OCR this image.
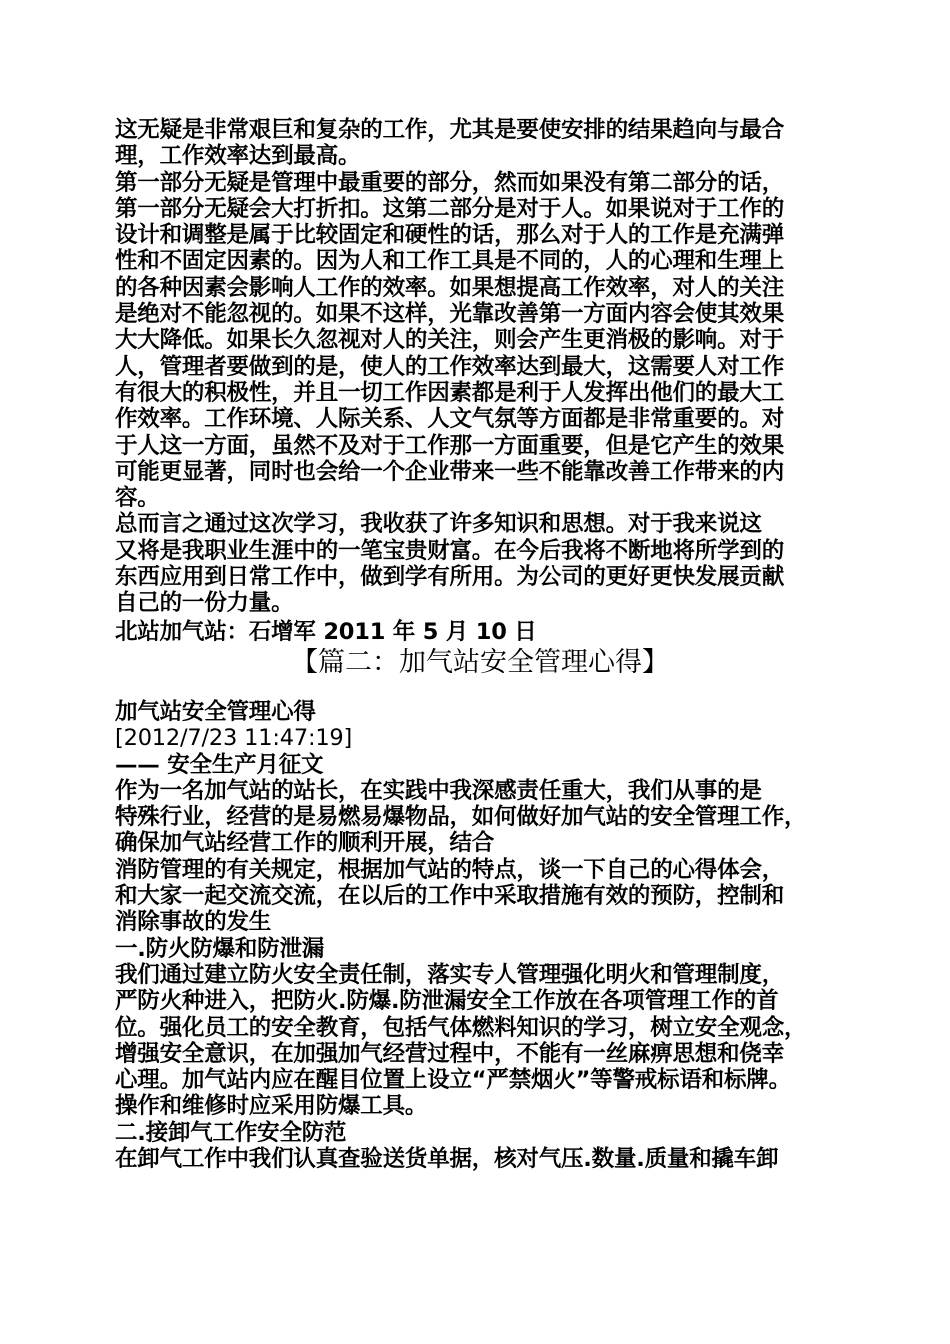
这无疑是非常艰巨和复杂的工作，尤其是要使安排的结果趋向与最合
理，工作效率达到最高。
第一部分无疑是管理中最重要的部分，然而如果没有第二部分的话，
第一部分无疑会大打折扣。这第二部分是对于人。如果说对于工作的
设计和调整是属于比较固定和硬性的话，那么对于人的工作是充满弹
性和不固定因素的。因为人和工作工具是不同的，人的心理和生理上
的各种因素会影响人工作的效率。如果想提高工作效率，对人的关注
是绝对不能忽视的。如果不这样，光靠改善第一方面内容会使其效果
大大降低。如果长久忽视对人的关注，则会产生更消极的影响。对于
人，管理者要做到的是，使人的工作效率达到最大，这需要人对工作
有很大的积极性，并且一切工作因素都是利于人发挥出他们的最大工
作效率。工作环境、人际关系、人文气氛等方面都是非常重要的。对
于人这一方面，虽然不及对于工作那一方面重要，但是它产生的效果
可能更显著，同时也会给一个企业带来一些不能靠改善工作带来的内
容。
总而言之通过这次学习，我收获了许多知识和思想。对于我来说这
又将是我职业生涯中的一笔宝贵财富。在今后我将不断地将所学到的
东西应用到日常工作中，做到学有所用。为公司的更好更快发展贡献
自己的一份力量。
北站加气站：石增军 2011 年 5 月 10 日
【篇二：加气站安全管理心得】
加气站安全管理心得
[2012/7/23 11:47:19]
—— 安全生产月征文
作为一名加气站的站长，在实践中我深感责任重大，我们从事的是
特殊行业，经营的是易燃易爆物品，如何做好加气站的安全管理工作，
确保加气站经营工作的顺利开展，结合
消防管理的有关规定，根据加气站的特点，谈一下自己的心得体会，
和大家一起交流交流，在以后的工作中采取措施有效的预防，控制和
消除事故的发生
一.防火防爆和防泄漏
我们通过建立防火安全责任制，落实专人管理强化明火和管理制度，
严防火种进入，把防火.防爆.防泄漏安全工作放在各项管理工作的首
位。强化员工的安全教育，包括气体燃料知识的学习，树立安全观念，
增强安全意识，在加强加气经营过程中，不能有一丝麻痹思想和侥幸
心理。加气站内应在醒目位置上设立“严禁烟火”等警戒标语和标牌。
操作和维修时应采用防爆工具。
二.接卸气工作安全防范
在卸气工作中我们认真查验送货单据，核对气压.数量.质量和撬车卸
